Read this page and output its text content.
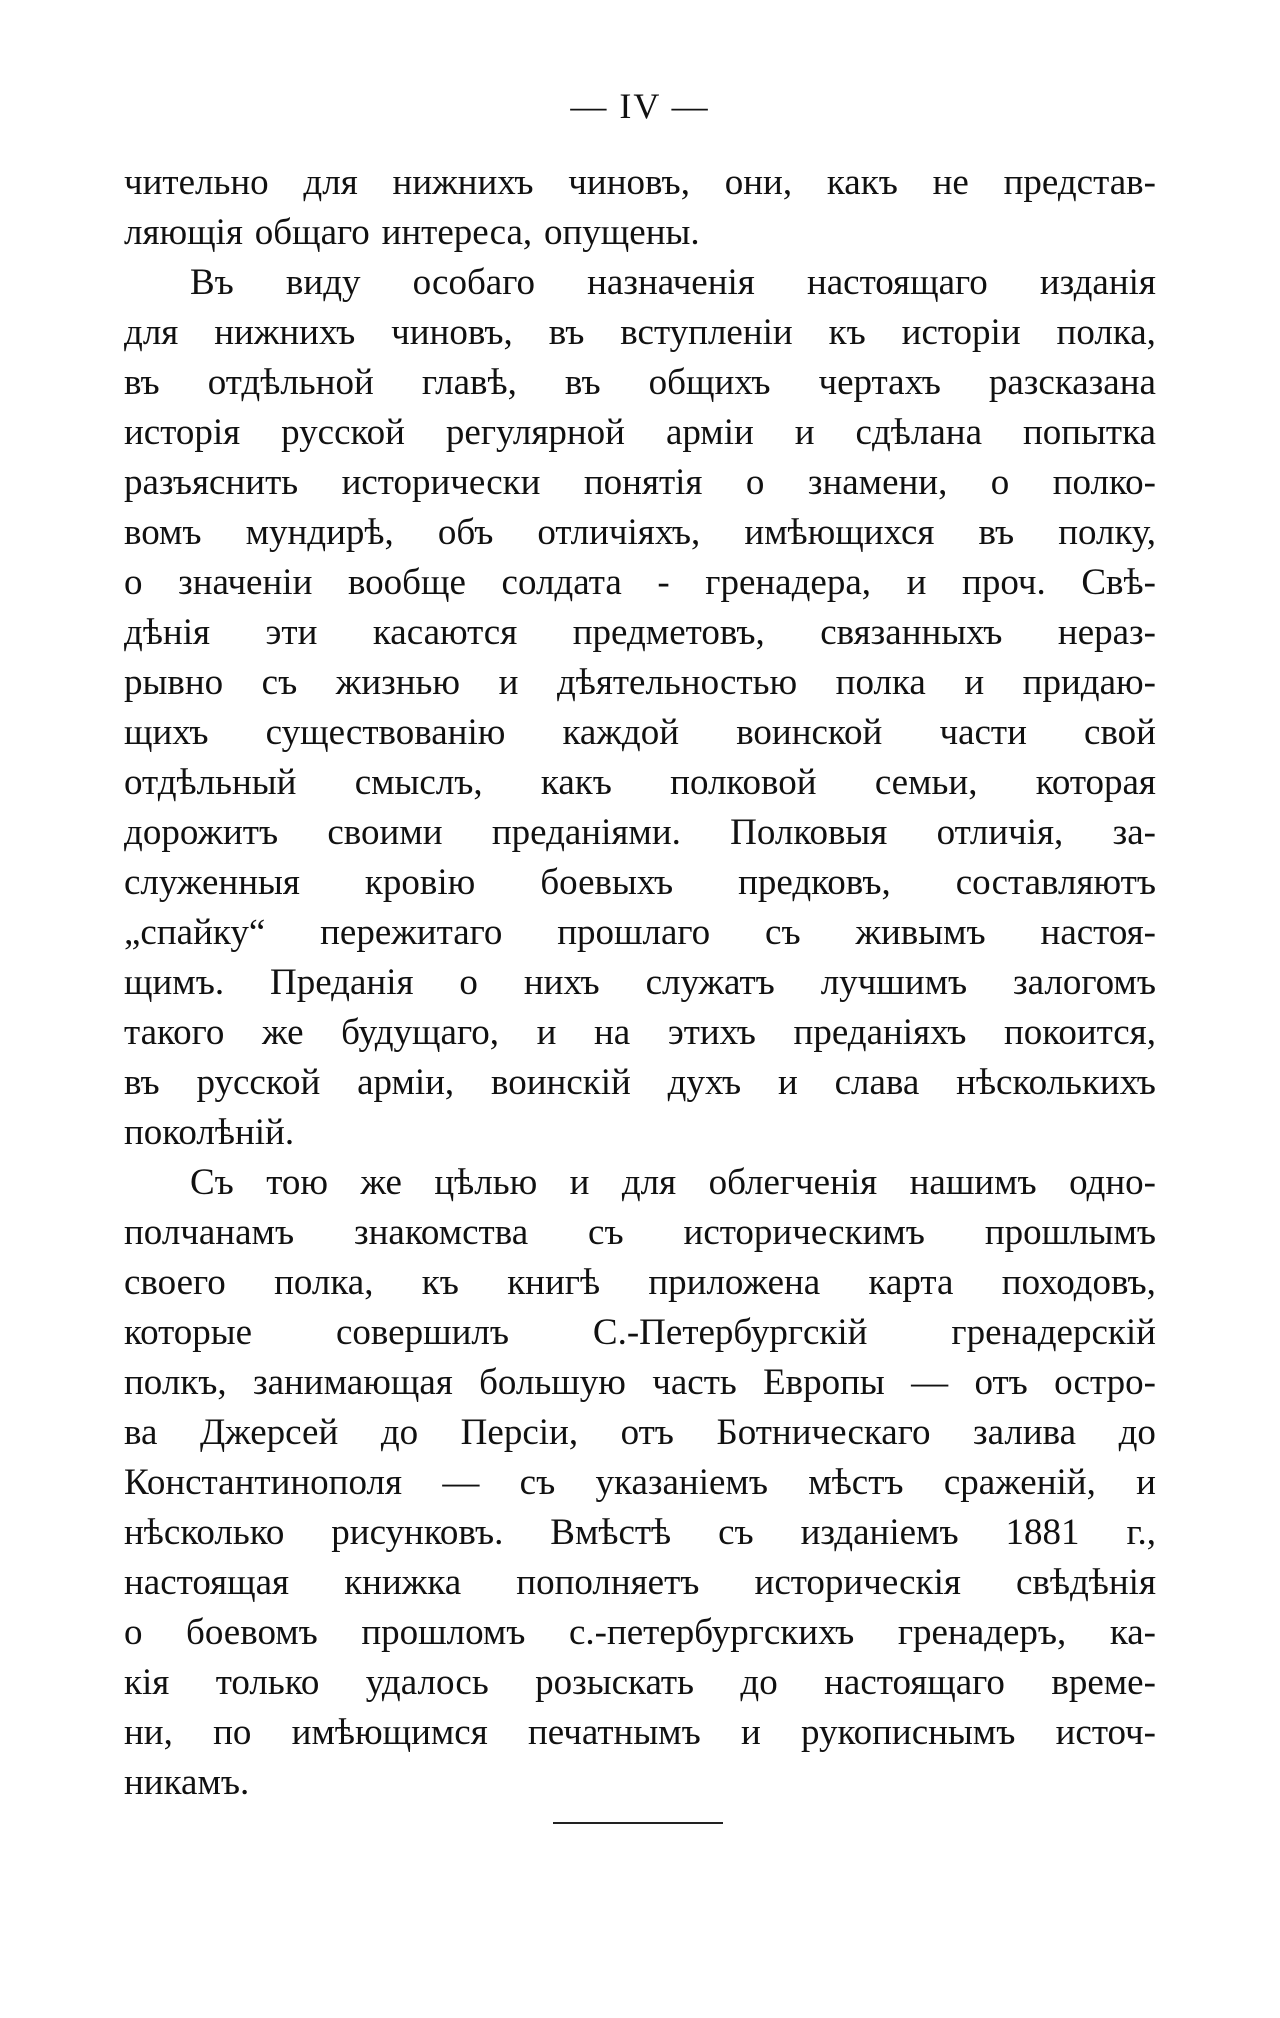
— IV —
чительно для нижнихъ чиновъ, они, какъ не представ-
ляющія общаго интереса, опущены.
Въ виду особаго назначенія настоящаго изданія
для нижнихъ чиновъ, въ вступленіи къ исторіи полка,
въ отдѣльной главѣ, въ общихъ чертахъ разсказана
исторія русской регулярной арміи и сдѣлана попытка
разъяснить исторически понятія о знамени, о полко-
вомъ мундирѣ, объ отличіяхъ, имѣющихся въ полку,
о значеніи вообще солдата - гренадера, и проч. Свѣ-
дѣнія эти касаются предметовъ, связанныхъ нераз-
рывно съ жизнью и дѣятельностью полка и придаю-
щихъ существованію каждой воинской части свой
отдѣльный смыслъ, какъ полковой семьи, которая
дорожитъ своими преданіями. Полковыя отличія, за-
служенныя кровію боевыхъ предковъ, составляютъ
„спайку“ пережитаго прошлаго съ живымъ настоя-
щимъ. Преданія о нихъ служатъ лучшимъ залогомъ
такого же будущаго, и на этихъ преданіяхъ покоится,
въ русской арміи, воинскій духъ и слава нѣсколькихъ
поколѣній.
Съ тою же цѣлью и для облегченія нашимъ одно-
полчанамъ знакомства съ историческимъ прошлымъ
своего полка, къ книгѣ приложена карта походовъ,
которые совершилъ С.-Петербургскій гренадерскій
полкъ, занимающая большую часть Европы — отъ остро-
ва Джерсей до Персіи, отъ Ботническаго залива до
Константинополя — съ указаніемъ мѣстъ сраженій, и
нѣсколько рисунковъ. Вмѣстѣ съ изданіемъ 1881 г.,
настоящая книжка пополняетъ историческія свѣдѣнія
о боевомъ прошломъ с.-петербургскихъ гренадеръ, ка-
кія только удалось розыскать до настоящаго време-
ни, по имѣющимся печатнымъ и рукописнымъ источ-
никамъ.
